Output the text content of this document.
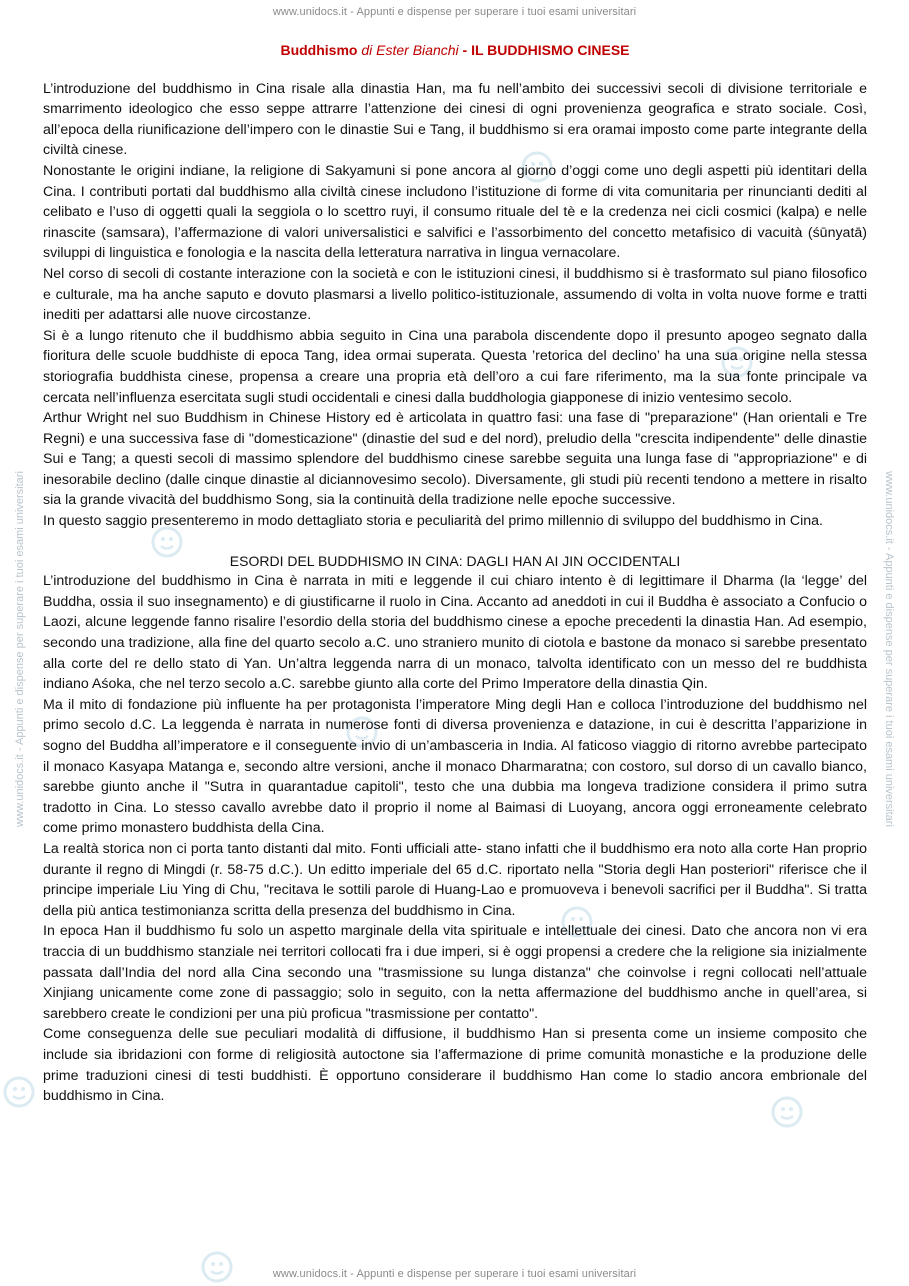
www.unidocs.it - Appunti e dispense per superare i tuoi esami universitari
www.unidocs.it - Appunti e dispense per superare i tuoi esami universitari	www.unidocs.it - Appunti e dispense per superare i tuoi esami universitari
Buddhismo di Ester Bianchi - IL BUDDHISMO CINESE

L’introduzione del buddhismo in Cina risale alla dinastia Han, ma fu nell’ambito dei successivi secoli di divisione territoriale e smarrimento ideologico che esso seppe attrarre l’attenzione dei cinesi di ogni provenienza geografica e strato sociale. Così, all’epoca della riunificazione dell’impero con le dinastie Sui e Tang, il buddhismo si era oramai imposto come parte integrante della civiltà cinese.

Nonostante le origini indiane, la religione di Sakyamuni si pone ancora al giorno d’oggi come uno degli aspetti più identitari della Cina. I contributi portati dal buddhismo alla civiltà cinese includono l’istituzione di forme di vita comunitaria per rinuncianti dediti al celibato e l’uso di oggetti quali la seggiola o lo scettro ruyi, il consumo rituale del tè e la credenza nei cicli cosmici (kalpa) e nelle rinascite (samsara), l’affermazione di valori universalistici e salvifici e l’assorbimento del concetto metafisico di vacuità (śūnyatā) sviluppi di linguistica e fonologia e la nascita della letteratura narrativa in lingua vernacolare.

Nel corso di secoli di costante interazione con la società e con le istituzioni cinesi, il buddhismo si è trasformato sul piano filosofico e culturale, ma ha anche saputo e dovuto plasmarsi a livello politico-istituzionale, assumendo di volta in volta nuove forme e tratti inediti per adattarsi alle nuove circostanze.

Si è a lungo ritenuto che il buddhismo abbia seguito in Cina una parabola discendente dopo il presunto apogeo segnato dalla fioritura delle scuole buddhiste di epoca Tang, idea ormai superata. Questa ’retorica del declino’ ha una sua origine nella stessa storiografia buddhista cinese, propensa a creare una propria età dell’oro a cui fare riferimento, ma la sua fonte principale va cercata nell’influenza esercitata sugli studi occidentali e cinesi dalla buddhologia giapponese di inizio ventesimo secolo.

Arthur Wright nel suo Buddhism in Chinese History ed è articolata in quattro fasi: una fase di "preparazione" (Han orientali e Tre Regni) e una successiva fase di "domesticazione" (dinastie del sud e del nord), preludio della "crescita indipendente" delle dinastie Sui e Tang; a questi secoli di massimo splendore del buddhismo cinese sarebbe seguita una lunga fase di "appropriazione" e di inesorabile declino (dalle cinque dinastie al diciannovesimo secolo). Diversamente, gli studi più recenti tendono a mettere in risalto sia la grande vivacità del buddhismo Song, sia la continuità della tradizione nelle epoche successive.

In questo saggio presenteremo in modo dettagliato storia e peculiarità del primo millennio di sviluppo del buddhismo in Cina.

ESORDI DEL BUDDHISMO IN CINA: DAGLI HAN AI JIN OCCIDENTALI

L’introduzione del buddhismo in Cina è narrata in miti e leggende il cui chiaro intento è di legittimare il Dharma (la ‘legge’ del Buddha, ossia il suo insegnamento) e di giustificarne il ruolo in Cina. Accanto ad aneddoti in cui il Buddha è associato a Confucio o Laozi, alcune leggende fanno risalire l’esordio della storia del buddhismo cinese a epoche precedenti la dinastia Han. Ad esempio, secondo una tradizione, alla fine del quarto secolo a.C. uno straniero munito di ciotola e bastone da monaco si sarebbe presentato alla corte del re dello stato di Yan. Un’altra leggenda narra di un monaco, talvolta identificato con un messo del re buddhista indiano Aśoka, che nel terzo secolo a.C. sarebbe giunto alla corte del Primo Imperatore della dinastia Qin.

Ma il mito di fondazione più influente ha per protagonista l’imperatore Ming degli Han e colloca l’introduzione del buddhismo nel primo secolo d.C. La leggenda è narrata in numerose fonti di diversa provenienza e datazione, in cui è descritta l’apparizione in sogno del Buddha all’imperatore e il conseguente invio di un’ambasceria in India. Al faticoso viaggio di ritorno avrebbe partecipato il monaco Kasyapa Matanga e, secondo altre versioni, anche il monaco Dharmaratna; con costoro, sul dorso di un cavallo bianco, sarebbe giunto anche il "Sutra in quarantadue capitoli", testo che una dubbia ma longeva tradizione considera il primo sutra tradotto in Cina. Lo stesso cavallo avrebbe dato il proprio il nome al Baimasi di Luoyang, ancora oggi erroneamente celebrato come primo monastero buddhista della Cina.

La realtà storica non ci porta tanto distanti dal mito. Fonti ufficiali atte- stano infatti che il buddhismo era noto alla corte Han proprio durante il regno di Mingdi (r. 58-75 d.C.). Un editto imperiale del 65 d.C. riportato nella "Storia degli Han posteriori" riferisce che il principe imperiale Liu Ying di Chu, "recitava le sottili parole di Huang-Lao e promuoveva i benevoli sacrifici per il Buddha". Si tratta della più antica testimonianza scritta della presenza del buddhismo in Cina.

In epoca Han il buddhismo fu solo un aspetto marginale della vita spirituale e intellettuale dei cinesi. Dato che ancora non vi era traccia di un buddhismo stanziale nei territori collocati fra i due imperi, si è oggi propensi a credere che la religione sia inizialmente passata dall’India del nord alla Cina secondo una "trasmissione su lunga distanza" che coinvolse i regni collocati nell’attuale Xinjiang unicamente come zone di passaggio; solo in seguito, con la netta affermazione del buddhismo anche in quell’area, si sarebbero create le condizioni per una più proficua "trasmissione per contatto".

Come conseguenza delle sue peculiari modalità di diffusione, il buddhismo Han si presenta come un insieme composito che include sia ibridazioni con forme di religiosità autoctone sia l’affermazione di prime comunità monastiche e la produzione delle prime traduzioni cinesi di testi buddhisti. È opportuno considerare il buddhismo Han come lo stadio ancora embrionale del buddhismo in Cina.

www.unidocs.it - Appunti e dispense per superare i tuoi esami universitari
